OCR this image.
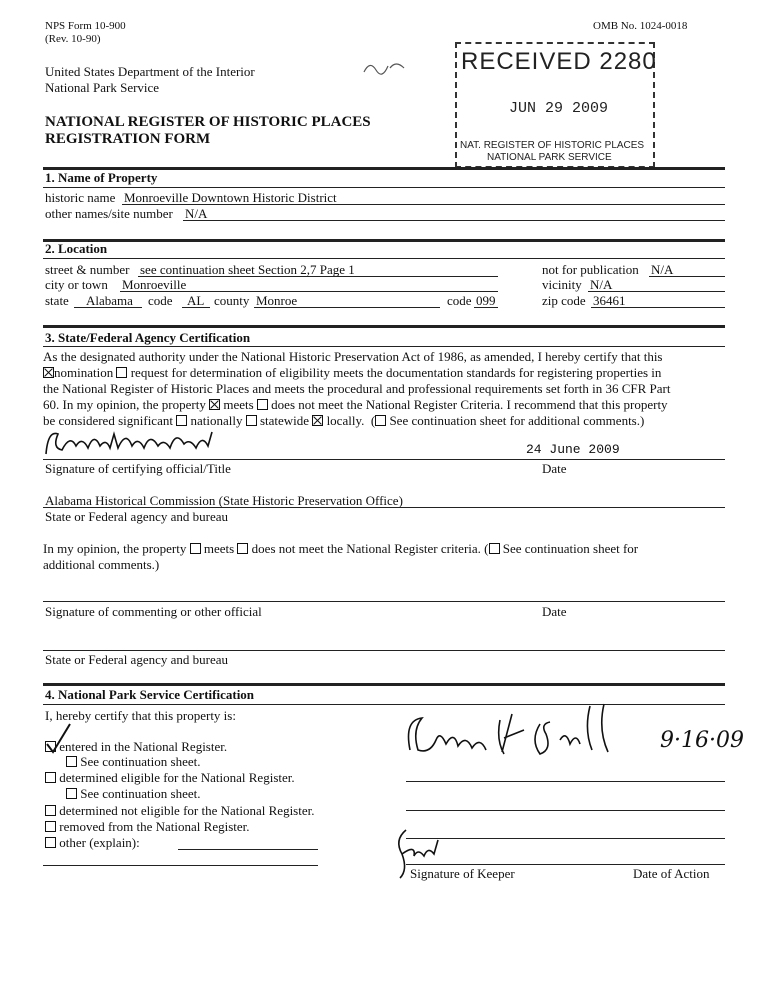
NPS Form 10-900
(Rev. 10-90)
OMB No. 1024-0018
United States Department of the Interior
National Park Service
NATIONAL REGISTER OF HISTORIC PLACES
REGISTRATION FORM
RECEIVED 2280
JUN 29 2009
NAT. REGISTER OF HISTORIC PLACES
NATIONAL PARK SERVICE
1. Name of Property
historic name Monroeville Downtown Historic District
other names/site number N/A
2. Location
street & number see continuation sheet Section 2,7 Page 1	not for publication N/A
city or town Monroeville	vicinity N/A
state Alabama code AL county Monroe	code 099	zip code 36461
3. State/Federal Agency Certification
As the designated authority under the National Historic Preservation Act of 1986, as amended, I hereby certify that this
nomination request for determination of eligibility meets the documentation standards for registering properties in
the National Register of Historic Places and meets the procedural and professional requirements set forth in 36 CFR Part
60. In my opinion, the property meets does not meet the National Register Criteria. I recommend that this property
be considered significant nationally statewide locally.  ( See continuation sheet for additional comments.)
24 June 2009
Signature of certifying official/Title	Date
Alabama Historical Commission (State Historic Preservation Office)
State or Federal agency and bureau
In my opinion, the property meets does not meet the National Register criteria. ( See continuation sheet for
additional comments.)
Signature of commenting or other official	Date
State or Federal agency and bureau
4. National Park Service Certification
I, hereby certify that this property is:
entered in the National Register.
See continuation sheet.
determined eligible for the National Register.
See continuation sheet.
determined not eligible for the National Register.
removed from the National Register.
other (explain):
9·16·09
Signature of Keeper	Date of Action
